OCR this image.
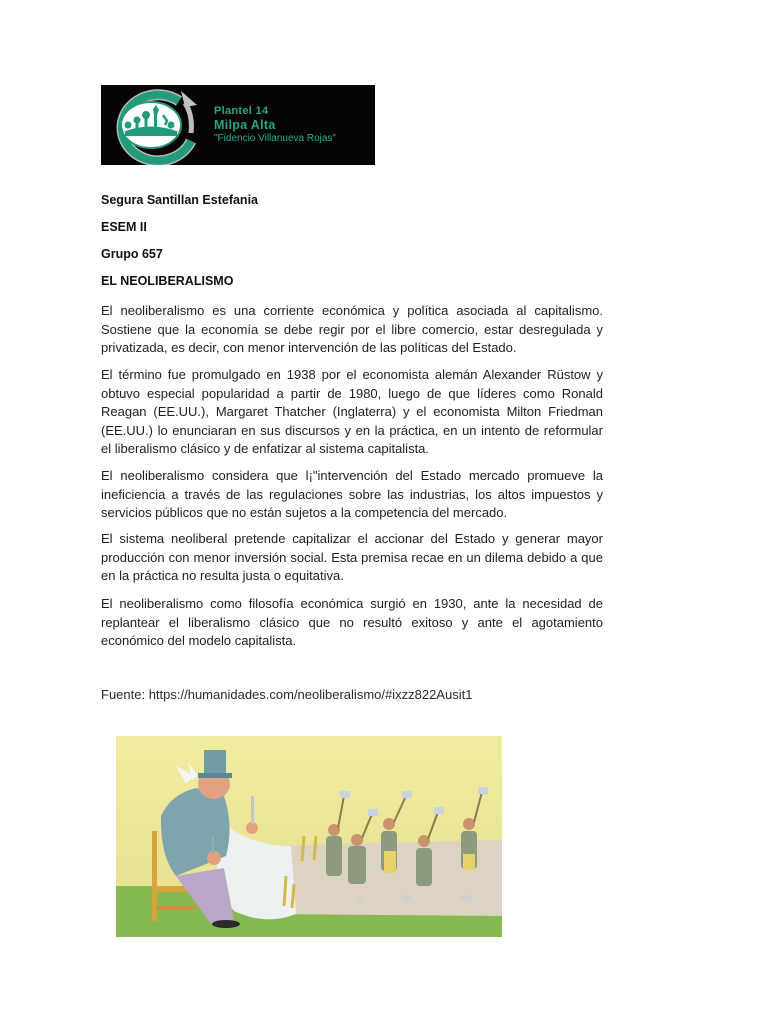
Plantel 14
Milpa Alta
"Fidencio Villanueva Rojas"
Segura Santillan Estefania
ESEM II
Grupo 657
EL NEOLIBERALISMO

El neoliberalismo es una corriente económica y política asociada al capitalismo. Sostiene que la economía se debe regir por el libre comercio, estar desregulada y privatizada, es decir, con menor intervención de las políticas del Estado.

El término fue promulgado en 1938 por el economista alemán Alexander Rüstow y obtuvo especial popularidad a partir de 1980, luego de que líderes como Ronald Reagan (EE.UU.), Margaret Thatcher (Inglaterra) y el economista Milton Friedman (EE.UU.) lo enunciaran en sus discursos y en la práctica, en un intento de reformular el liberalismo clásico y de enfatizar al sistema capitalista.

El neoliberalismo considera que l¡"intervención del Estado mercado promueve la ineficiencia a través de las regulaciones sobre las industrias, los altos impuestos y servicios públicos que no están sujetos a la competencia del mercado.

El sistema neoliberal pretende capitalizar el accionar del Estado y generar mayor producción con menor inversión social. Esta premisa recae en un dilema debido a que en la práctica no resulta justa o equitativa.

El neoliberalismo como filosofía económica surgió en 1930, ante la necesidad de replantear el liberalismo clásico que no resultó exitoso y ante el agotamiento económico del modelo capitalista.

Fuente: https://humanidades.com/neoliberalismo/#ixzz822Ausit1
